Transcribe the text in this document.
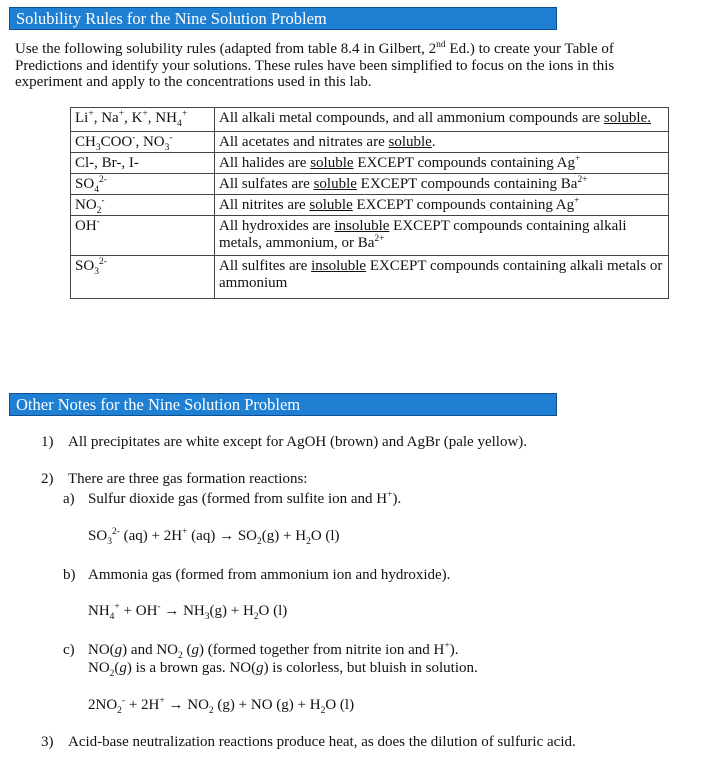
Solubility Rules for the Nine Solution Problem
Use the following solubility rules (adapted from table 8.4 in Gilbert, 2nd Ed.) to create your Table of Predictions and identify your solutions. These rules have been simplified to focus on the ions in this experiment and apply to the concentrations used in this lab.
Li+, Na+, K+, $NH_4^+$	All alkali metal compounds, and all ammonium compounds are soluble.
$CH_3COO^-$, $NO_3^-$	All acetates and nitrates are soluble.
Cl-, Br-, I-	All halides are soluble EXCEPT compounds containing Ag+
$SO_4^{2-}$	All sulfates are soluble EXCEPT compounds containing $Ba^{2+}$
$NO_2^-$	All nitrites are soluble EXCEPT compounds containing Ag+
OH-	All hydroxides are insoluble EXCEPT compounds containing alkali metals, ammonium, or $Ba^{2+}$
$SO_3^{2-}$	All sulfites are insoluble EXCEPT compounds containing alkali metals or ammonium
Other Notes for the Nine Solution Problem
1) All precipitates are white except for AgOH (brown) and AgBr (pale yellow).
2) There are three gas formation reactions:
a) Sulfur dioxide gas (formed from sulfite ion and H+).
$SO_3^{2-}$ (aq) + 2H+ $(aq) \to SO_2(g) + H_2O$ (l)
b) Ammonia gas (formed from ammonium ion and hydroxide).
$NH_4^+ + OH^- \to NH_3(g) + H_2O$ (l)
c) NO(g) and $NO_2$ (g) (formed together from nitrite ion and H+).
$NO_2(g)$ is a brown gas. NO(g) is colorless, but bluish in solution.
$2NO_2^- + 2H^+ \to NO_2$ (g) + NO $(g) + H_2O$ (l)
3) Acid-base neutralization reactions produce heat, as does the dilution of sulfuric acid.
